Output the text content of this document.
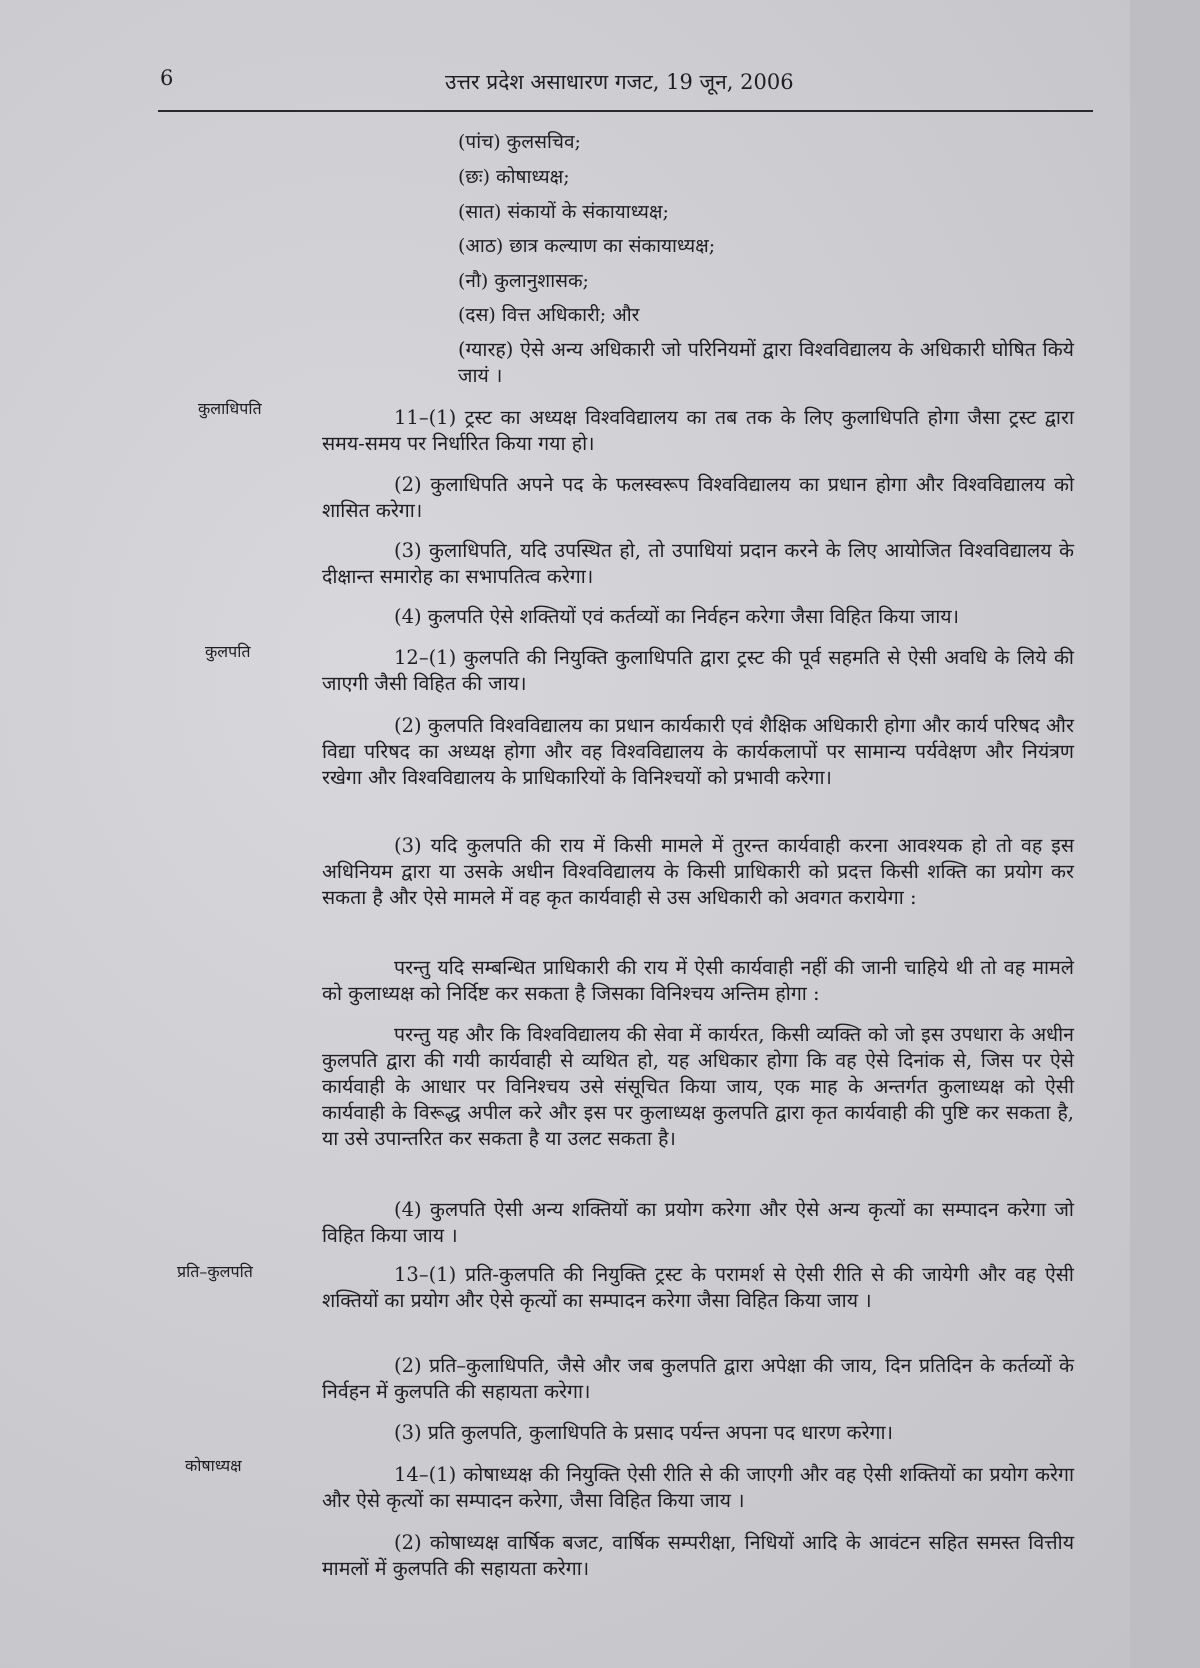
6	उत्तर प्रदेश असाधारण गजट, 19 जून, 2006
(पांच) कुलसचिव;
(छः) कोषाध्यक्ष;
(सात) संकायों के संकायाध्यक्ष;
(आठ) छात्र कल्याण का संकायाध्यक्ष;
(नौ) कुलानुशासक;
(दस) वित्त अधिकारी; और
(ग्यारह) ऐसे अन्य अधिकारी जो परिनियमों द्वारा विश्वविद्यालय के अधिकारी घोषित किये जायं ।
कुलाधिपति
कुलपति
प्रति–कुलपति
कोषाध्यक्ष
11–(1) ट्रस्ट का अध्यक्ष विश्वविद्यालय का तब तक के लिए कुलाधिपति होगा जैसा ट्रस्ट द्वारा समय-समय पर निर्धारित किया गया हो।
(2) कुलाधिपति अपने पद के फलस्वरूप विश्वविद्यालय का प्रधान होगा और विश्वविद्यालय को शासित करेगा।
(3) कुलाधिपति, यदि उपस्थित हो, तो उपाधियां प्रदान करने के लिए आयोजित विश्वविद्यालय के दीक्षान्त समारोह का सभापतित्व करेगा।
(4) कुलपति ऐसे शक्तियों एवं कर्तव्यों का निर्वहन करेगा जैसा विहित किया जाय।
12–(1) कुलपति की नियुक्ति कुलाधिपति द्वारा ट्रस्ट की पूर्व सहमति से ऐसी अवधि के लिये की जाएगी जैसी विहित की जाय।
(2) कुलपति विश्वविद्यालय का प्रधान कार्यकारी एवं शैक्षिक अधिकारी होगा और कार्य परिषद और विद्या परिषद का अध्यक्ष होगा और वह विश्वविद्यालय के कार्यकलापों पर सामान्य पर्यवेक्षण और नियंत्रण रखेगा और विश्वविद्यालय के प्राधिकारियों के विनिश्चयों को प्रभावी करेगा।
(3) यदि कुलपति की राय में किसी मामले में तुरन्त कार्यवाही करना आवश्यक हो तो वह इस अधिनियम द्वारा या उसके अधीन विश्वविद्यालय के किसी प्राधिकारी को प्रदत्त किसी शक्ति का प्रयोग कर सकता है और ऐसे मामले में वह कृत कार्यवाही से उस अधिकारी को अवगत करायेगा :
परन्तु यदि सम्बन्धित प्राधिकारी की राय में ऐसी कार्यवाही नहीं की जानी चाहिये थी तो वह मामले को कुलाध्यक्ष को निर्दिष्ट कर सकता है जिसका विनिश्चय अन्तिम होगा :
परन्तु यह और कि विश्वविद्यालय की सेवा में कार्यरत, किसी व्यक्ति को जो इस उपधारा के अधीन कुलपति द्वारा की गयी कार्यवाही से व्यथित हो, यह अधिकार होगा कि वह ऐसे दिनांक से, जिस पर ऐसे कार्यवाही के आधार पर विनिश्चय उसे संसूचित किया जाय, एक माह के अन्तर्गत कुलाध्यक्ष को ऐसी कार्यवाही के विरूद्ध अपील करे और इस पर कुलाध्यक्ष कुलपति द्वारा कृत कार्यवाही की पुष्टि कर सकता है, या उसे उपान्तरित कर सकता है या उलट सकता है।
(4) कुलपति ऐसी अन्य शक्तियों का प्रयोग करेगा और ऐसे अन्य कृत्यों का सम्पादन करेगा जो विहित किया जाय ।
13–(1) प्रति-कुलपति की नियुक्ति ट्रस्ट के परामर्श से ऐसी रीति से की जायेगी और वह ऐसी शक्तियों का प्रयोग और ऐसे कृत्यों का सम्पादन करेगा जैसा विहित किया जाय ।
(2) प्रति–कुलाधिपति, जैसे और जब कुलपति द्वारा अपेक्षा की जाय, दिन प्रतिदिन के कर्तव्यों के निर्वहन में कुलपति की सहायता करेगा।
(3) प्रति कुलपति, कुलाधिपति के प्रसाद पर्यन्त अपना पद धारण करेगा।
14–(1) कोषाध्यक्ष की नियुक्ति ऐसी रीति से की जाएगी और वह ऐसी शक्तियों का प्रयोग करेगा और ऐसे कृत्यों का सम्पादन करेगा, जैसा विहित किया जाय ।
(2) कोषाध्यक्ष वार्षिक बजट, वार्षिक सम्परीक्षा, निधियों आदि के आवंटन सहित समस्त वित्तीय मामलों में कुलपति की सहायता करेगा।
